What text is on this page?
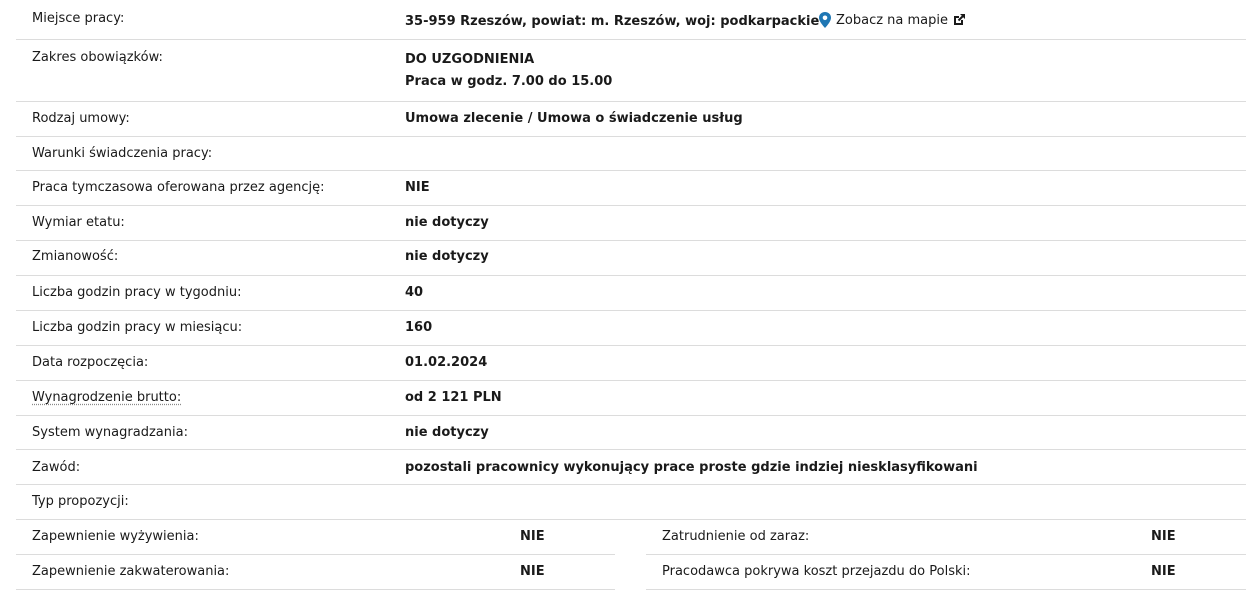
Miejsce pracy:	35-959 Rzeszów, powiat: m. Rzeszów, woj: podkarpackie Zobacz na mapie
Zakres obowiązków:	DO UZGODNIENIA
Praca w godz. 7.00 do 15.00
Rodzaj umowy:	Umowa zlecenie / Umowa o świadczenie usług
Warunki świadczenia pracy:
Praca tymczasowa oferowana przez agencję:	NIE
Wymiar etatu:	nie dotyczy
Zmianowość:	nie dotyczy
Liczba godzin pracy w tygodniu:	40
Liczba godzin pracy w miesiącu:	160
Data rozpoczęcia:	01.02.2024
Wynagrodzenie brutto:	od 2 121 PLN
System wynagradzania:	nie dotyczy
Zawód:	pozostali pracownicy wykonujący prace proste gdzie indziej niesklasyfikowani
Typ propozycji:
Zapewnienie wyżywienia:	NIE
Zapewnienie zakwaterowania:	NIE
Zatrudnienie od zaraz:	NIE
Pracodawca pokrywa koszt przejazdu do Polski:	NIE
